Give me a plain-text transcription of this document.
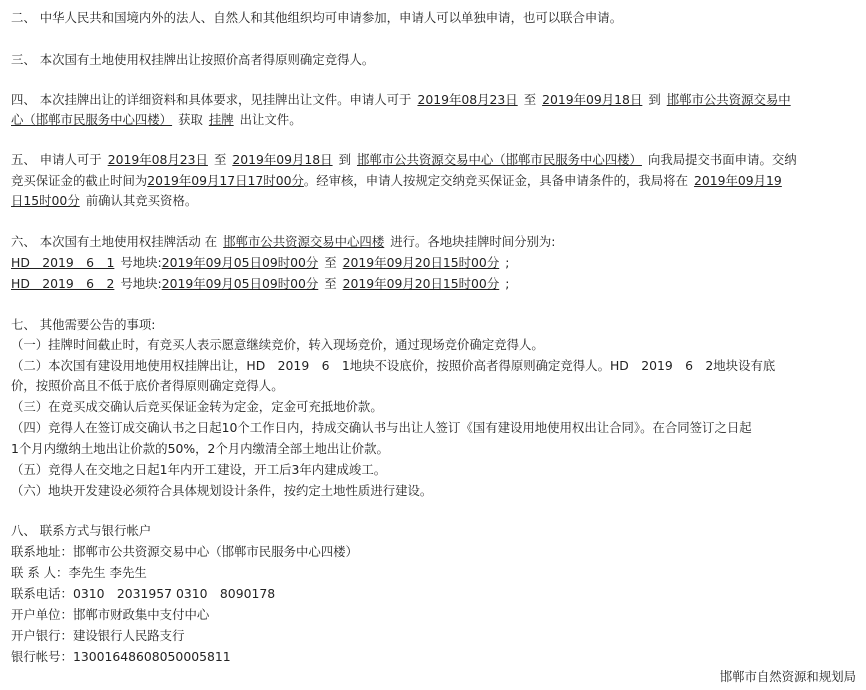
二、 中华人民共和国境内外的法人、自然人和其他组织均可申请参加，申请人可以单独申请，也可以联合申请。
三、 本次国有土地使用权挂牌出让按照价高者得原则确定竞得人。
四、 本次挂牌出让的详细资料和具体要求，见挂牌出让文件。申请人可于 2019年08月23日 至 2019年09月18日 到 邯郸市公共资源交易中
心（邯郸市民服务中心四楼） 获取 挂牌 出让文件。
五、 申请人可于 2019年08月23日 至 2019年09月18日 到 邯郸市公共资源交易中心（邯郸市民服务中心四楼） 向我局提交书面申请。交纳
竞买保证金的截止时间为2019年09月17日17时00分。经审核，申请人按规定交纳竞买保证金，具备申请条件的，我局将在 2019年09月19
日15时00分 前确认其竞买资格。
六、 本次国有土地使用权挂牌活动 在 邯郸市公共资源交易中心四楼 进行。各地块挂牌时间分别为:
HD　2019　6　1 号地块:2019年09月05日09时00分 至 2019年09月20日15时00分 ;
HD　2019　6　2 号地块:2019年09月05日09时00分 至 2019年09月20日15时00分 ;
七、 其他需要公告的事项:
（一）挂牌时间截止时，有竞买人表示愿意继续竞价，转入现场竞价，通过现场竞价确定竞得人。
（二）本次国有建设用地使用权挂牌出让，HD　2019　6　1地块不设底价，按照价高者得原则确定竞得人。HD　2019　6　2地块设有底
价，按照价高且不低于底价者得原则确定竞得人。
（三）在竞买成交确认后竞买保证金转为定金，定金可充抵地价款。
（四）竞得人在签订成交确认书之日起10个工作日内，持成交确认书与出让人签订《国有建设用地使用权出让合同》。在合同签订之日起
1个月内缴纳土地出让价款的50%，2个月内缴清全部土地出让价款。
（五）竞得人在交地之日起1年内开工建设，开工后3年内建成竣工。
（六）地块开发建设必须符合具体规划设计条件，按约定土地性质进行建设。
八、 联系方式与银行帐户
联系地址：邯郸市公共资源交易中心（邯郸市民服务中心四楼）
联 系 人：李先生 李先生
联系电话：0310　2031957 0310　8090178
开户单位：邯郸市财政集中支付中心
开户银行：建设银行人民路支行
银行帐号：13001648608050005811
邯郸市自然资源和规划局
